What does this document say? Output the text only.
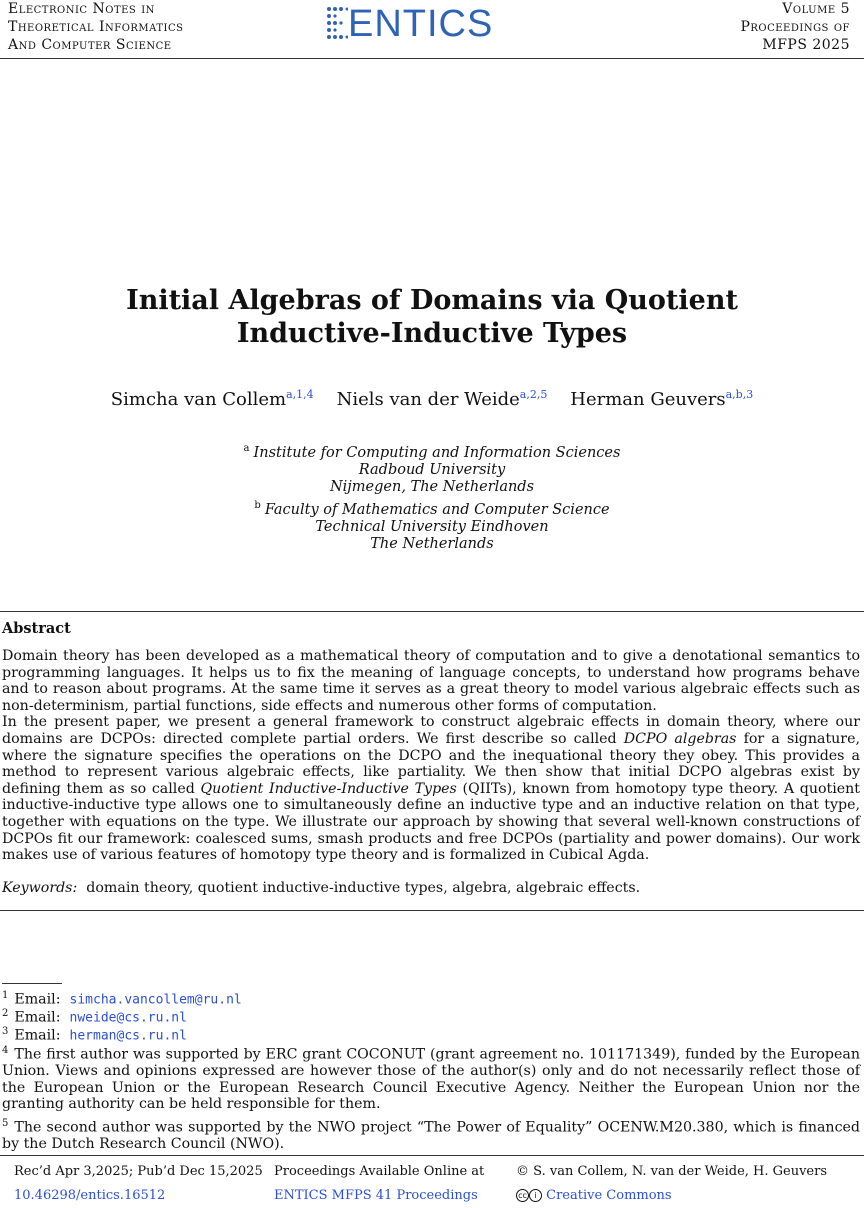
Electronic Notes in
Theoretical Informatics
And Computer Science	ENTICS	Volume 5
Proceedings of
MFPS 2025
Initial Algebras of Domains via Quotient
Inductive-Inductive Types
Simcha van Collem$^{a,1,4}$ Niels van der Weide$^{a,2,5}$ Herman Geuvers$^{a,b,3}$
$^a$ Institute for Computing and Information Sciences
Radboud University
Nijmegen, The Netherlands
$^b$ Faculty of Mathematics and Computer Science
Technical University Eindhoven
The Netherlands
Abstract

Domain theory has been developed as a mathematical theory of computation and to give a denotational semantics to programming languages. It helps us to fix the meaning of language concepts, to understand how programs behave and to reason about programs. At the same time it serves as a great theory to model various algebraic effects such as non-determinism, partial functions, side effects and numerous other forms of computation.

In the present paper, we present a general framework to construct algebraic effects in domain theory, where our domains are DCPOs: directed complete partial orders. We first describe so called DCPO algebras for a signature, where the signature specifies the operations on the DCPO and the inequational theory they obey. This provides a method to represent various algebraic effects, like partiality. We then show that initial DCPO algebras exist by defining them as so called Quotient Inductive-Inductive Types (QIITs), known from homotopy type theory. A quotient inductive-inductive type allows one to simultaneously define an inductive type and an inductive relation on that type, together with equations on the type. We illustrate our approach by showing that several well-known constructions of DCPOs fit our framework: coalesced sums, smash products and free DCPOs (partiality and power domains). Our work makes use of various features of homotopy type theory and is formalized in Cubical Agda.

Keywords: domain theory, quotient inductive-inductive types, algebra, algebraic effects.
$^1$ Email: simcha.vancollem@ru.nl
$^2$ Email: nweide@cs.ru.nl
$^3$ Email: herman@cs.ru.nl
$^4$ The first author was supported by ERC grant COCONUT (grant agreement no. 101171349), funded by the European Union. Views and opinions expressed are however those of the author(s) only and do not necessarily reflect those of the European Union or the European Research Council Executive Agency. Neither the European Union nor the granting authority can be held responsible for them.
$^5$ The second author was supported by the NWO project “The Power of Equality” OCENW.M20.380, which is financed by the Dutch Research Council (NWO).
Rec’d Apr 3,2025; Pub’d Dec 15,2025
10.46298/entics.16512
Proceedings Available Online at
ENTICS MFPS 41 Proceedings
© S. van Collem, N. van der Weide, H. Geuvers
cc i Creative Commons
